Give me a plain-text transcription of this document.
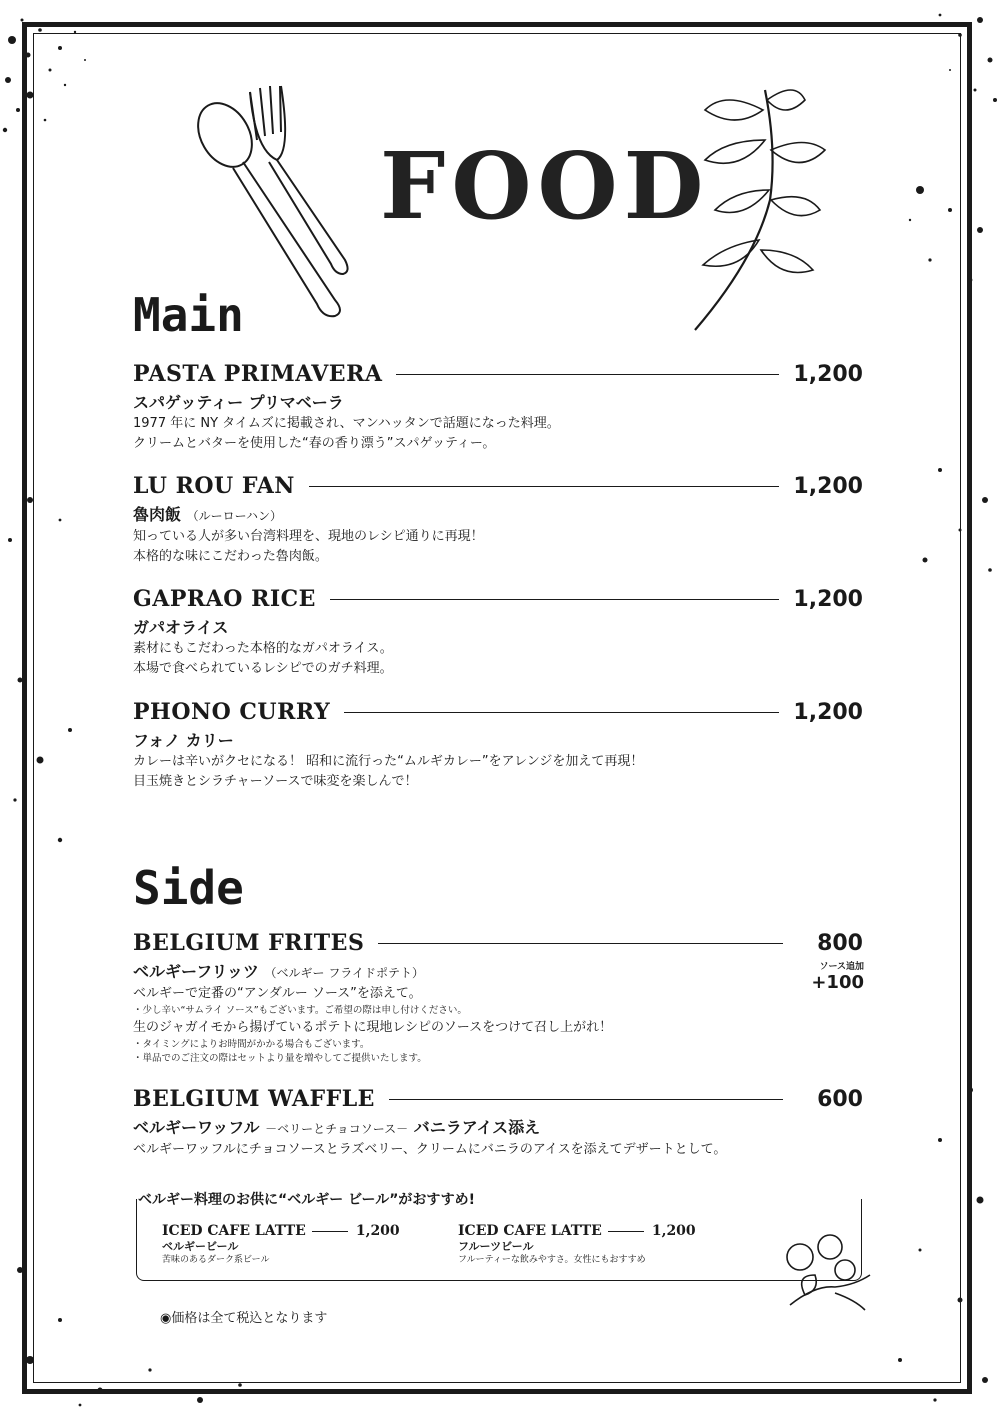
FOOD
Main
PASTA PRIMAVERA	1,200
スパゲッティー プリマベーラ
1977 年に NY タイムズに掲載され、マンハッタンで話題になった料理。
クリームとバターを使用した“春の香り漂う”スパゲッティー。
LU ROU FAN	1,200
魯肉飯 （ルーローハン）
知っている人が多い台湾料理を、現地のレシピ通りに再現！
本格的な味にこだわった魯肉飯。
GAPRAO RICE	1,200
ガパオライス
素材にもこだわった本格的なガパオライス。
本場で食べられているレシピでのガチ料理。
PHONO CURRY	1,200
フォノ カリー
カレーは辛いがクセになる！ 昭和に流行った“ムルギカレー”をアレンジを加えて再現！
目玉焼きとシラチャーソースで味変を楽しんで！
Side
BELGIUM FRITES	800
ベルギーフリッツ （ベルギー フライドポテト）
ベルギーで定番の“アンダルー ソース”を添えて。
・少し辛い“サムライ ソース”もございます。ご希望の際は申し付けください。
生のジャガイモから揚げているポテトに現地レシピのソースをつけて召し上がれ！
・タイミングによりお時間がかかる場合もございます。
・単品でのご注文の際はセットより量を増やしてご提供いたします。
ソース追加
+100
BELGIUM WAFFLE	600
ベルギーワッフル －ベリーとチョコソース－ バニラアイス添え
ベルギーワッフルにチョコソースとラズベリー、クリームにバニラのアイスを添えてデザートとして。
ベルギー料理のお供に“ベルギー ビール”がおすすめ!
ICED CAFE LATTE	1,200
ベルギービール
苦味のあるダーク系ビール
ICED CAFE LATTE	1,200
フルーツビール
フルーティーな飲みやすさ。女性にもおすすめ
◉価格は全て税込となります
